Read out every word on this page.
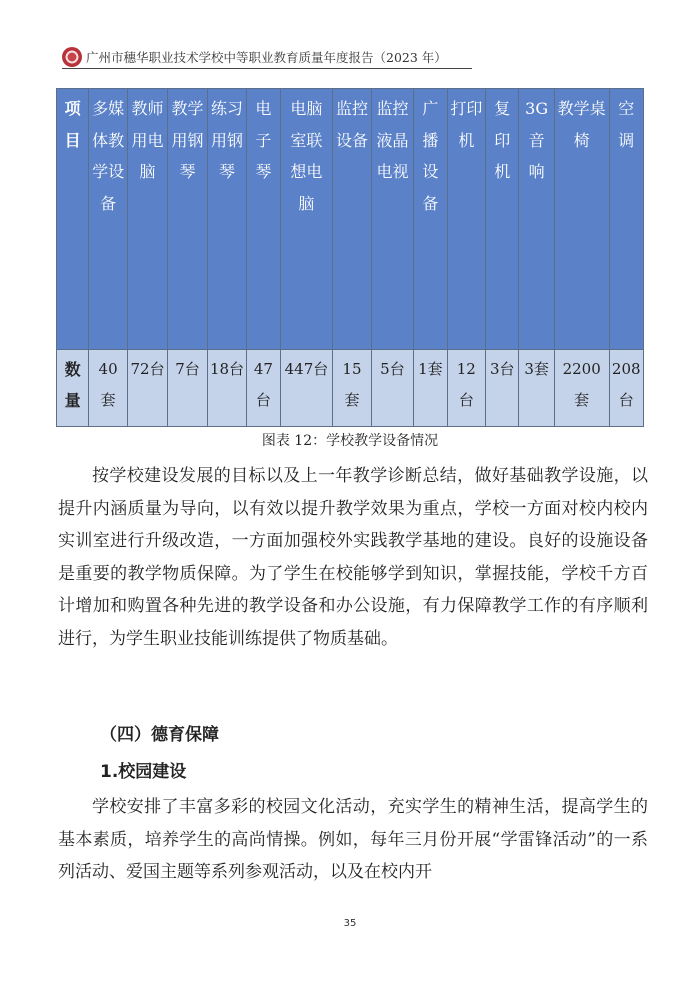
广州市穗华职业技术学校中等职业教育质量年度报告（2023 年）
项目	多媒体教学设备	教师用电脑	教学用钢琴	练习用钢琴	电子琴	电脑室联想电脑	监控设备	监控液晶电视	广播设备	打印机	复印机	3G音响	教学桌椅	空调

数量	40套	72台	7台	18台	47台	447台	15套	5台	1套	12台	3台	3套	2200套	208台
图表 12：学校教学设备情况

按学校建设发展的目标以及上一年教学诊断总结，做好基础教学设施，以提升内涵质量为导向，以有效以提升教学效果为重点，学校一方面对校内校内实训室进行升级改造，一方面加强校外实践教学基地的建设。良好的设施设备是重要的教学物质保障。为了学生在校能够学到知识，掌握技能，学校千方百计增加和购置各种先进的教学设备和办公设施，有力保障教学工作的有序顺利进行，为学生职业技能训练提供了物质基础。

（四）德育保障
1.校园建设

学校安排了丰富多彩的校园文化活动，充实学生的精神生活，提高学生的基本素质，培养学生的高尚情操。例如，每年三月份开展“学雷锋活动”的一系列活动、爱国主题等系列参观活动，以及在校内开

35
